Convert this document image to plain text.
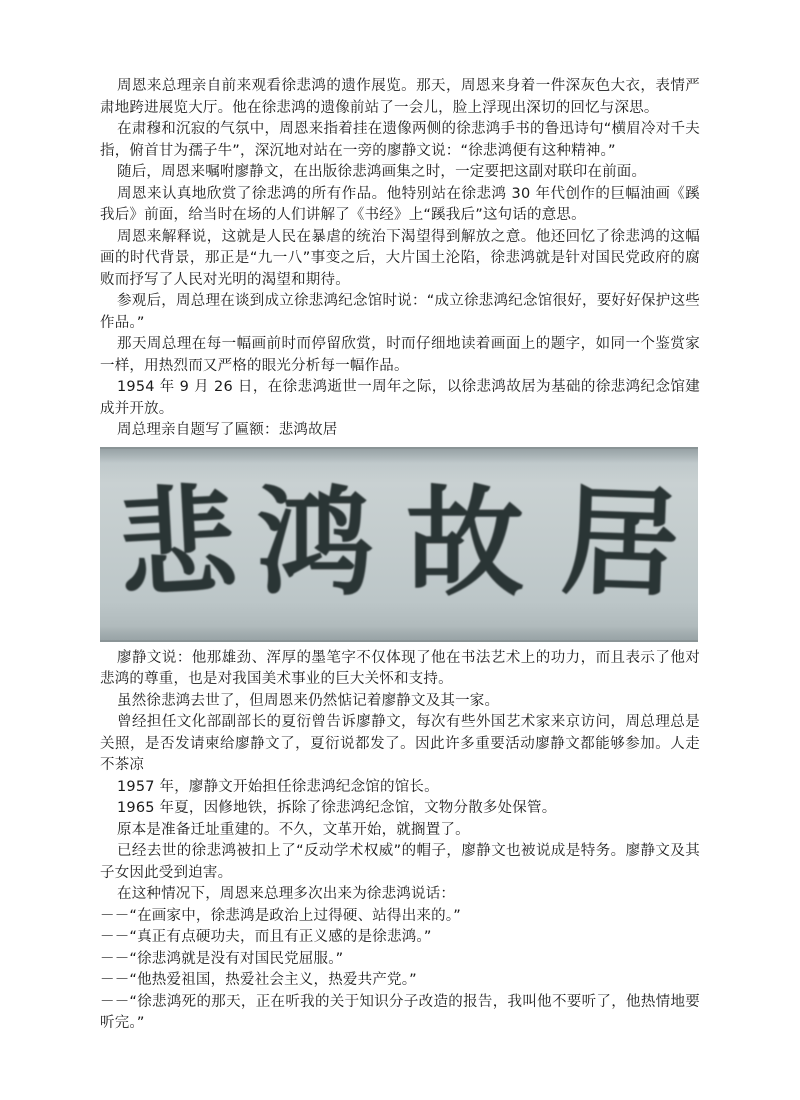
周恩来总理亲自前来观看徐悲鸿的遗作展览。那天，周恩来身着一件深灰色大衣，表情严肃地跨进展览大厅。他在徐悲鸿的遗像前站了一会儿，脸上浮现出深切的回忆与深思。

在肃穆和沉寂的气氛中，周恩来指着挂在遗像两侧的徐悲鸿手书的鲁迅诗句“横眉冷对千夫指，俯首甘为孺子牛”，深沉地对站在一旁的廖静文说：“徐悲鸿便有这种精神。”

随后，周恩来嘱咐廖静文，在出版徐悲鸿画集之时，一定要把这副对联印在前面。

周恩来认真地欣赏了徐悲鸿的所有作品。他特别站在徐悲鸿 30 年代创作的巨幅油画《蹊我后》前面，给当时在场的人们讲解了《书经》上“蹊我后”这句话的意思。

周恩来解释说，这就是人民在暴虐的统治下渴望得到解放之意。他还回忆了徐悲鸿的这幅画的时代背景，那正是“九一八”事变之后，大片国土沦陷，徐悲鸿就是针对国民党政府的腐败而抒写了人民对光明的渴望和期待。

参观后，周总理在谈到成立徐悲鸿纪念馆时说：“成立徐悲鸿纪念馆很好，要好好保护这些作品。”

那天周总理在每一幅画前时而停留欣赏，时而仔细地读着画面上的题字，如同一个鉴赏家一样，用热烈而又严格的眼光分析每一幅作品。

1954 年 9 月 26 日，在徐悲鸿逝世一周年之际，以徐悲鸿故居为基础的徐悲鸿纪念馆建成并开放。

周总理亲自题写了匾额：悲鸿故居

悲 鸿 故 居

廖静文说：他那雄劲、浑厚的墨笔字不仅体现了他在书法艺术上的功力，而且表示了他对悲鸿的尊重，也是对我国美术事业的巨大关怀和支持。

虽然徐悲鸿去世了，但周恩来仍然惦记着廖静文及其一家。

曾经担任文化部副部长的夏衍曾告诉廖静文，每次有些外国艺术家来京访问，周总理总是关照，是否发请柬给廖静文了，夏衍说都发了。因此许多重要活动廖静文都能够参加。人走不茶凉

1957 年，廖静文开始担任徐悲鸿纪念馆的馆长。

1965 年夏，因修地铁，拆除了徐悲鸿纪念馆，文物分散多处保管。

原本是准备迁址重建的。不久，文革开始，就搁置了。

已经去世的徐悲鸿被扣上了“反动学术权威”的帽子，廖静文也被说成是特务。廖静文及其子女因此受到迫害。

在这种情况下，周恩来总理多次出来为徐悲鸿说话：

－－“在画家中，徐悲鸿是政治上过得硬、站得出来的。”

－－“真正有点硬功夫，而且有正义感的是徐悲鸿。”

－－“徐悲鸿就是没有对国民党屈服。”

－－“他热爱祖国，热爱社会主义，热爱共产党。”

－－“徐悲鸿死的那天，正在听我的关于知识分子改造的报告，我叫他不要听了，他热情地要听完。”
